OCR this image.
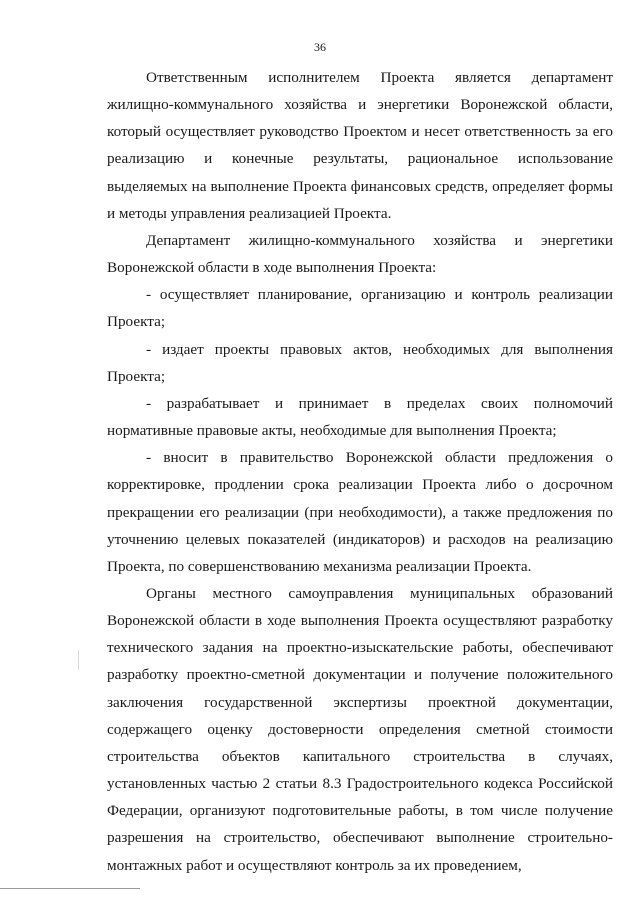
36

Ответственным исполнителем Проекта является департамент жилищно-коммунального хозяйства и энергетики Воронежской области, который осуществляет руководство Проектом и несет ответственность за его реализацию и конечные результаты, рациональное использование выделяемых на выполнение Проекта финансовых средств, определяет формы и методы управления реализацией Проекта.

Департамент жилищно-коммунального хозяйства и энергетики Воронежской области в ходе выполнения Проекта:

- осуществляет планирование, организацию и контроль реализации Проекта;

- издает проекты правовых актов, необходимых для выполнения Проекта;

- разрабатывает и принимает в пределах своих полномочий нормативные правовые акты, необходимые для выполнения Проекта;

- вносит в правительство Воронежской области предложения о корректировке, продлении срока реализации Проекта либо о досрочном прекращении его реализации (при необходимости), а также предложения по уточнению целевых показателей (индикаторов) и расходов на реализацию Проекта, по совершенствованию механизма реализации Проекта.

Органы местного самоуправления муниципальных образований Воронежской области в ходе выполнения Проекта осуществляют разработку технического задания на проектно-изыскательские работы, обеспечивают разработку проектно-сметной документации и получение положительного заключения государственной экспертизы проектной документации, содержащего оценку достоверности определения сметной стоимости строительства объектов капитального строительства в случаях, установленных частью 2 статьи 8.3 Градостроительного кодекса Российской Федерации, организуют подготовительные работы, в том числе получение разрешения на строительство, обеспечивают выполнение строительно-монтажных работ и осуществляют контроль за их проведением,
